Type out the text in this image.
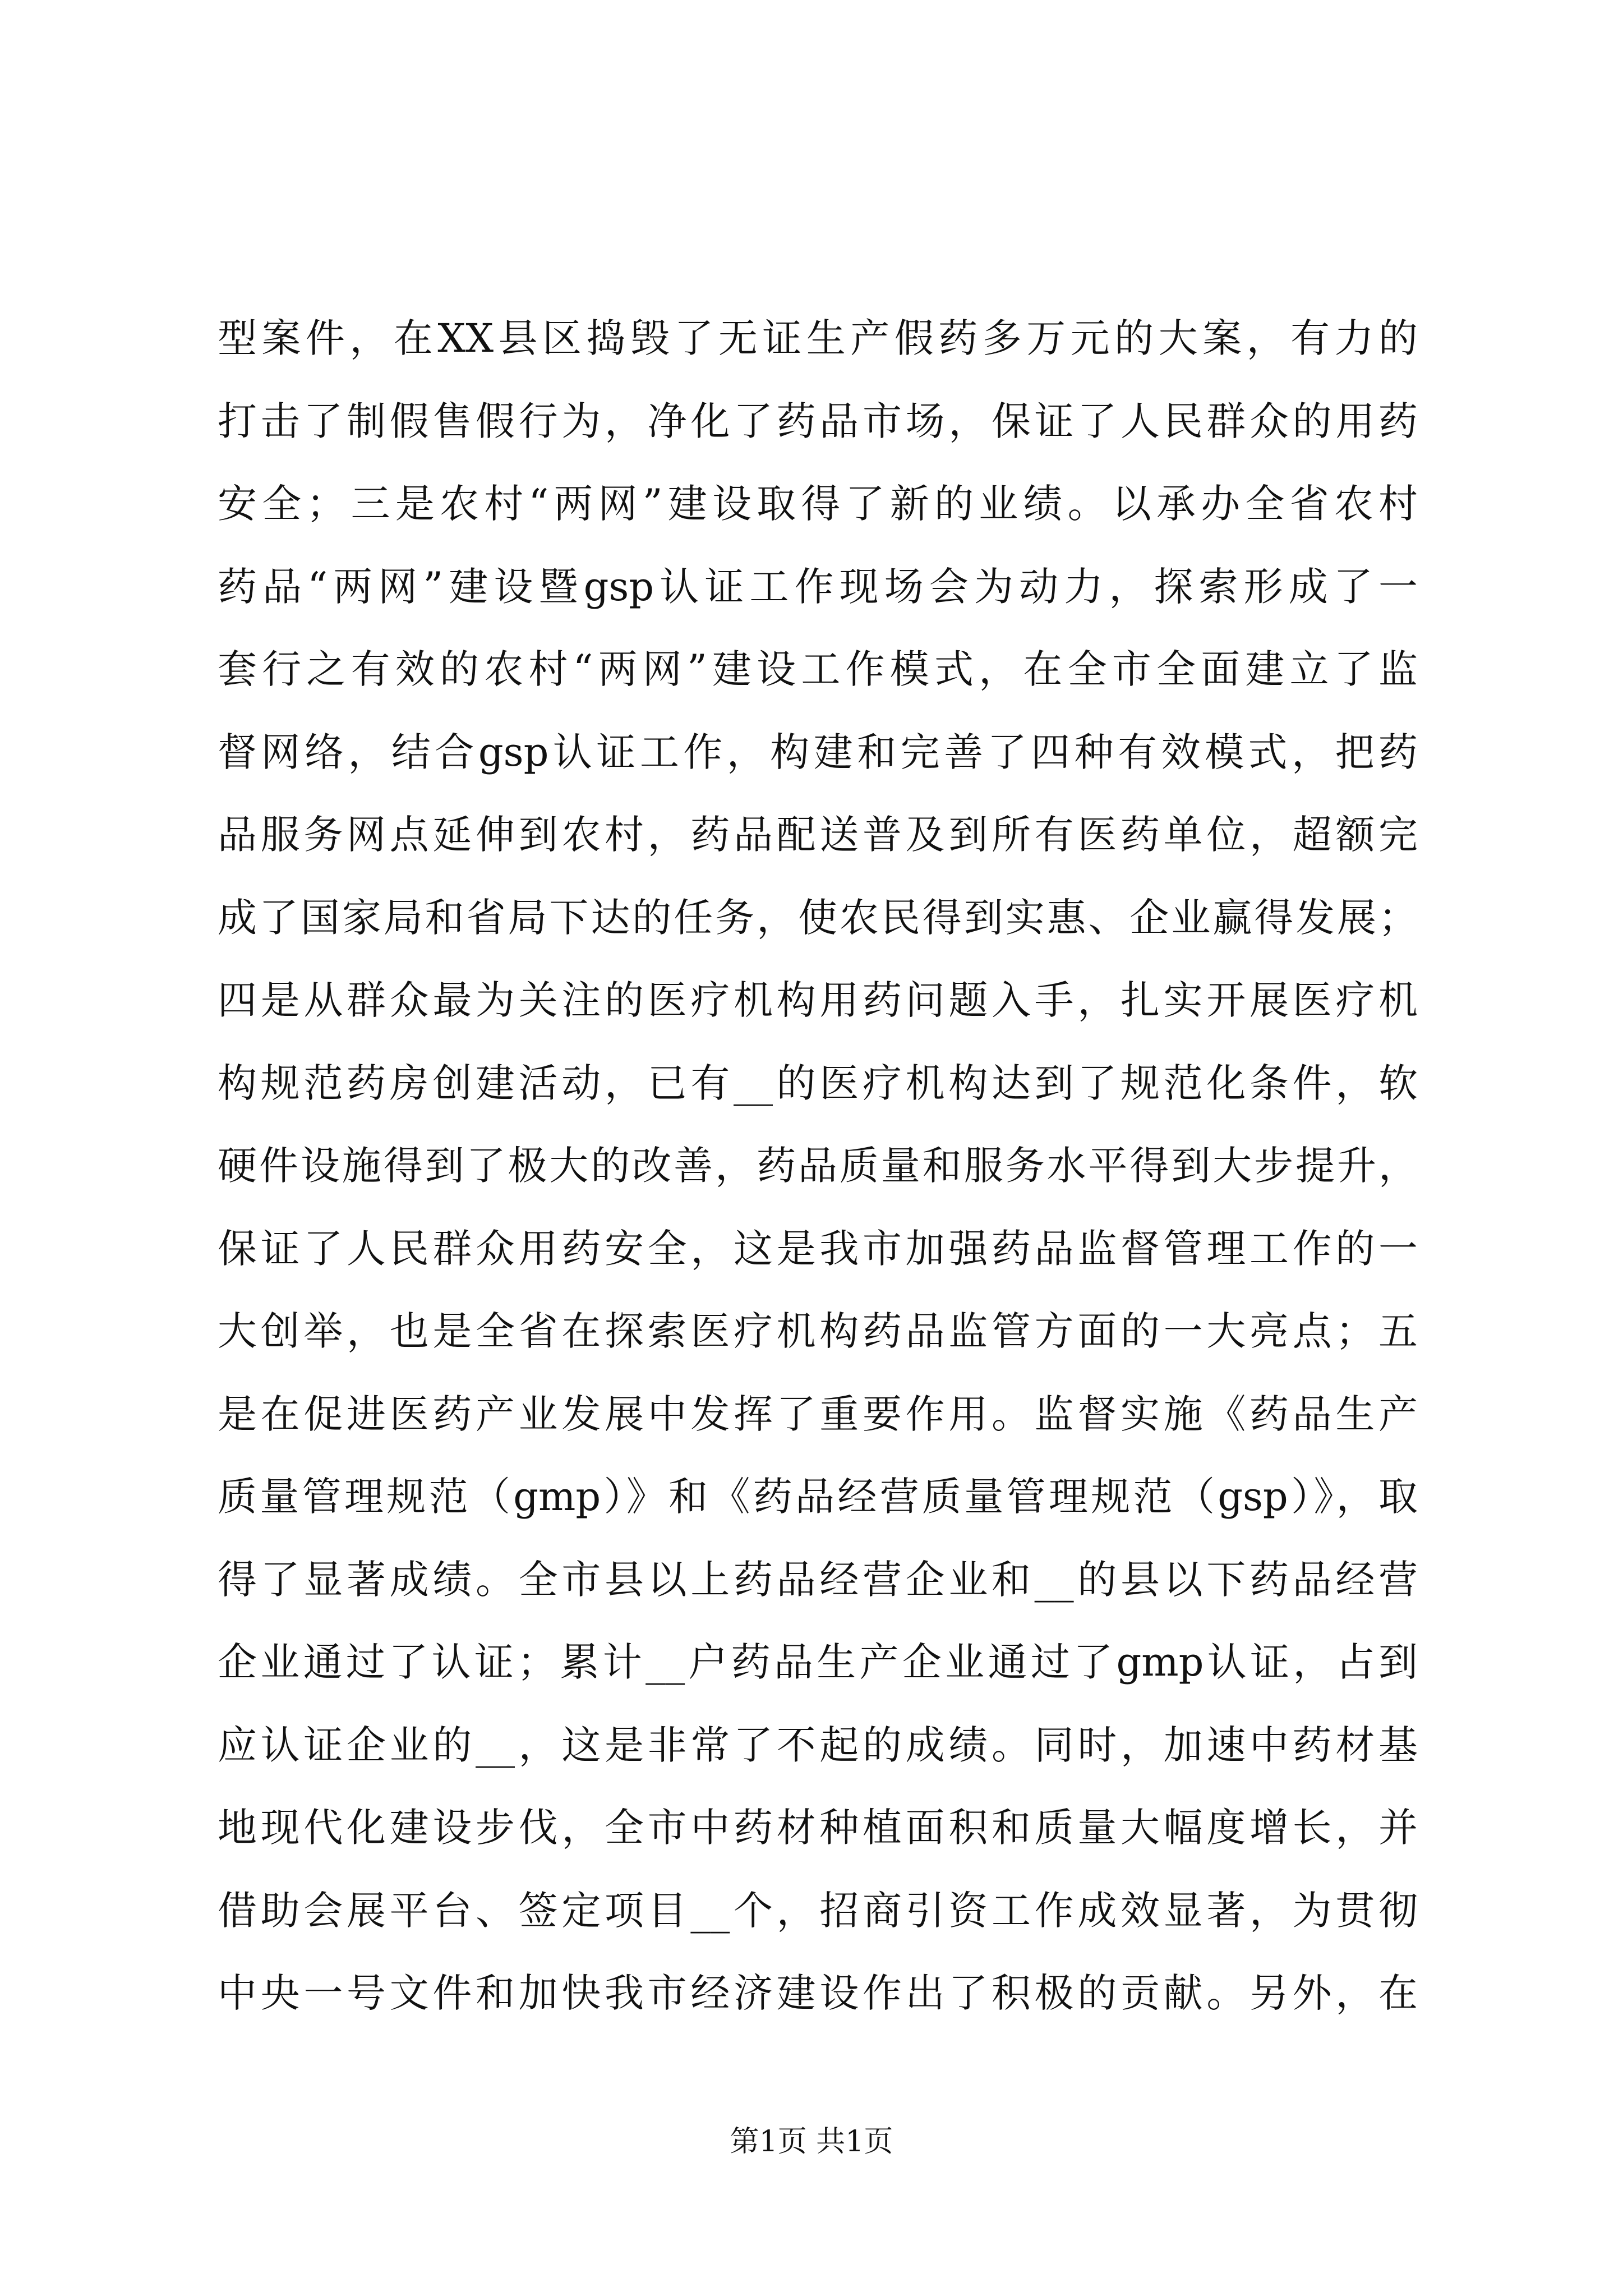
型案件，在XX县区捣毁了无证生产假药多万元的大案，有力的
打击了制假售假行为，净化了药品市场，保证了人民群众的用药
安全；三是农村“两网”建设取得了新的业绩。以承办全省农村
药品“两网”建设暨gsp认证工作现场会为动力，探索形成了一
套行之有效的农村“两网”建设工作模式，在全市全面建立了监
督网络，结合gsp认证工作，构建和完善了四种有效模式，把药
品服务网点延伸到农村，药品配送普及到所有医药单位，超额完
成了国家局和省局下达的任务，使农民得到实惠、企业赢得发展；
四是从群众最为关注的医疗机构用药问题入手，扎实开展医疗机
构规范药房创建活动，已有__的医疗机构达到了规范化条件，软
硬件设施得到了极大的改善，药品质量和服务水平得到大步提升，
保证了人民群众用药安全，这是我市加强药品监督管理工作的一
大创举，也是全省在探索医疗机构药品监管方面的一大亮点；五
是在促进医药产业发展中发挥了重要作用。监督实施《药品生产
质量管理规范（gmp）》和《药品经营质量管理规范（gsp）》，取
得了显著成绩。全市县以上药品经营企业和__的县以下药品经营
企业通过了认证；累计__户药品生产企业通过了gmp认证，占到
应认证企业的__，这是非常了不起的成绩。同时，加速中药材基
地现代化建设步伐，全市中药材种植面积和质量大幅度增长，并
借助会展平台、签定项目__个，招商引资工作成效显著，为贯彻
中央一号文件和加快我市经济建设作出了积极的贡献。另外，在
第1页 共1页
